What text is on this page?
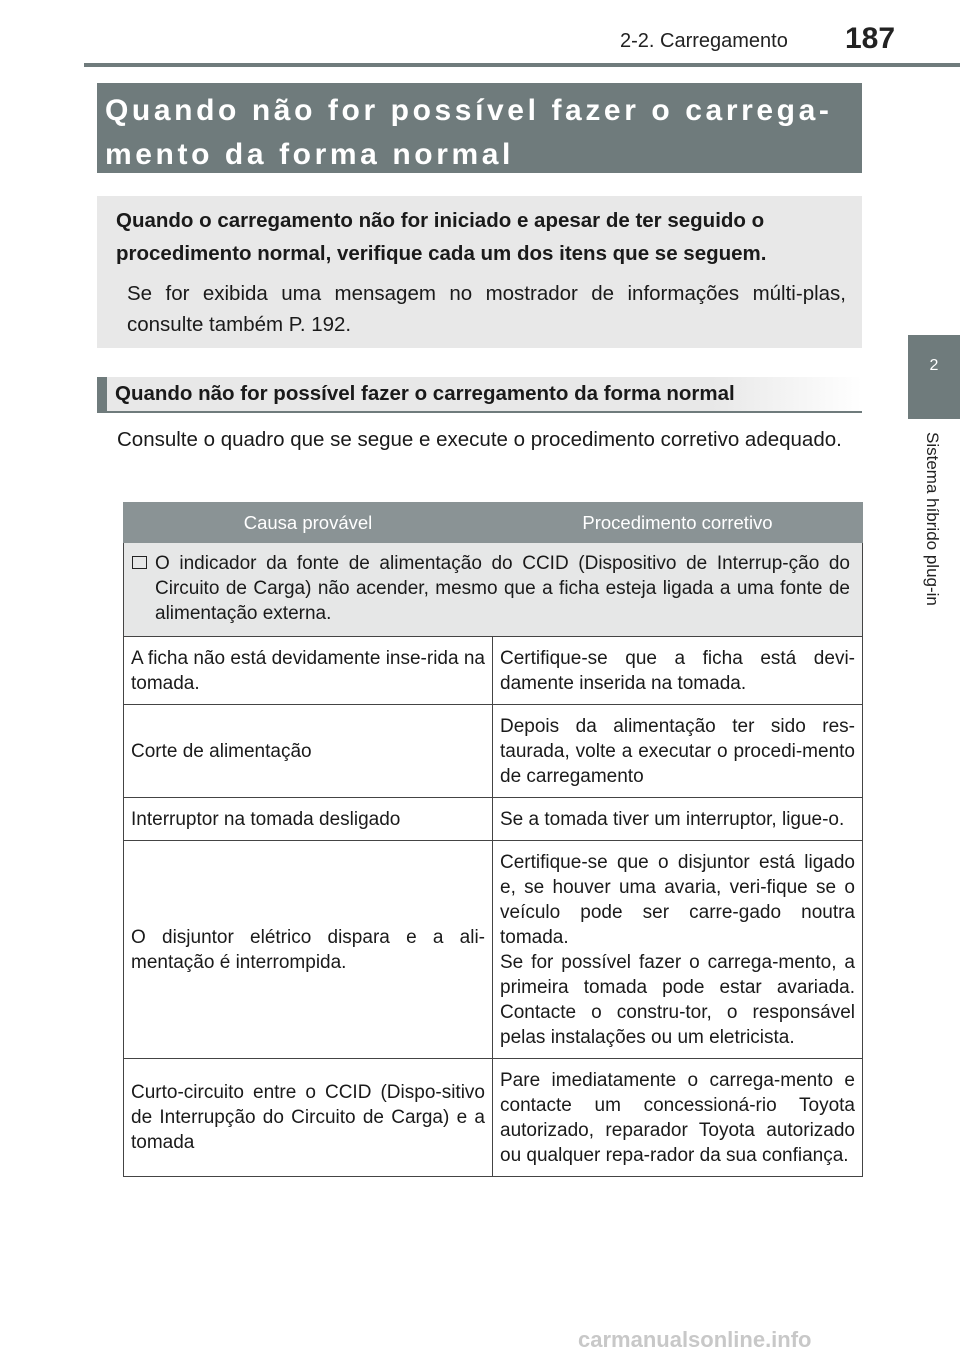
2-2. Carregamento 187
2
Sistema híbrido plug-in
Quando não for possível fazer o carrega-
mento da forma normal

Quando o carregamento não for iniciado e apesar de ter seguido o procedimento normal, verifique cada um dos itens que se seguem.

Se for exibida uma mensagem no mostrador de informações múlti-plas, consulte também P. 192.

Quando não for possível fazer o carregamento da forma normal

Consulte o quadro que se segue e execute o procedimento corretivo adequado.

Causa provável	Procedimento corretivo

O indicador da fonte de alimentação do CCID (Dispositivo de Interrup-ção do Circuito de Carga) não acender, mesmo que a ficha esteja ligada a uma fonte de alimentação externa.	

A ficha não está devidamente inse-rida na tomada.	Certifique-se que a ficha está devi-damente inserida na tomada.
Corte de alimentação	Depois da alimentação ter sido res-taurada, volte a executar o procedi-mento de carregamento
Interruptor na tomada desligado	Se a tomada tiver um interruptor, ligue-o.
O disjuntor elétrico dispara e a ali-mentação é interrompida.	Certifique-se que o disjuntor está ligado e, se houver uma avaria, veri-fique se o veículo pode ser carre-gado noutra tomada.
Se for possível fazer o carrega-mento, a primeira tomada pode estar avariada. Contacte o constru-tor, o responsável pelas instalações ou um eletricista.

Curto-circuito entre o CCID (Dispo-sitivo de Interrupção do Circuito de Carga) e a tomada	Pare imediatamente o carrega-mento e contacte um concessioná-rio Toyota autorizado, reparador Toyota autorizado ou qualquer repa-rador da sua confiança.
carmanualsonline.info
